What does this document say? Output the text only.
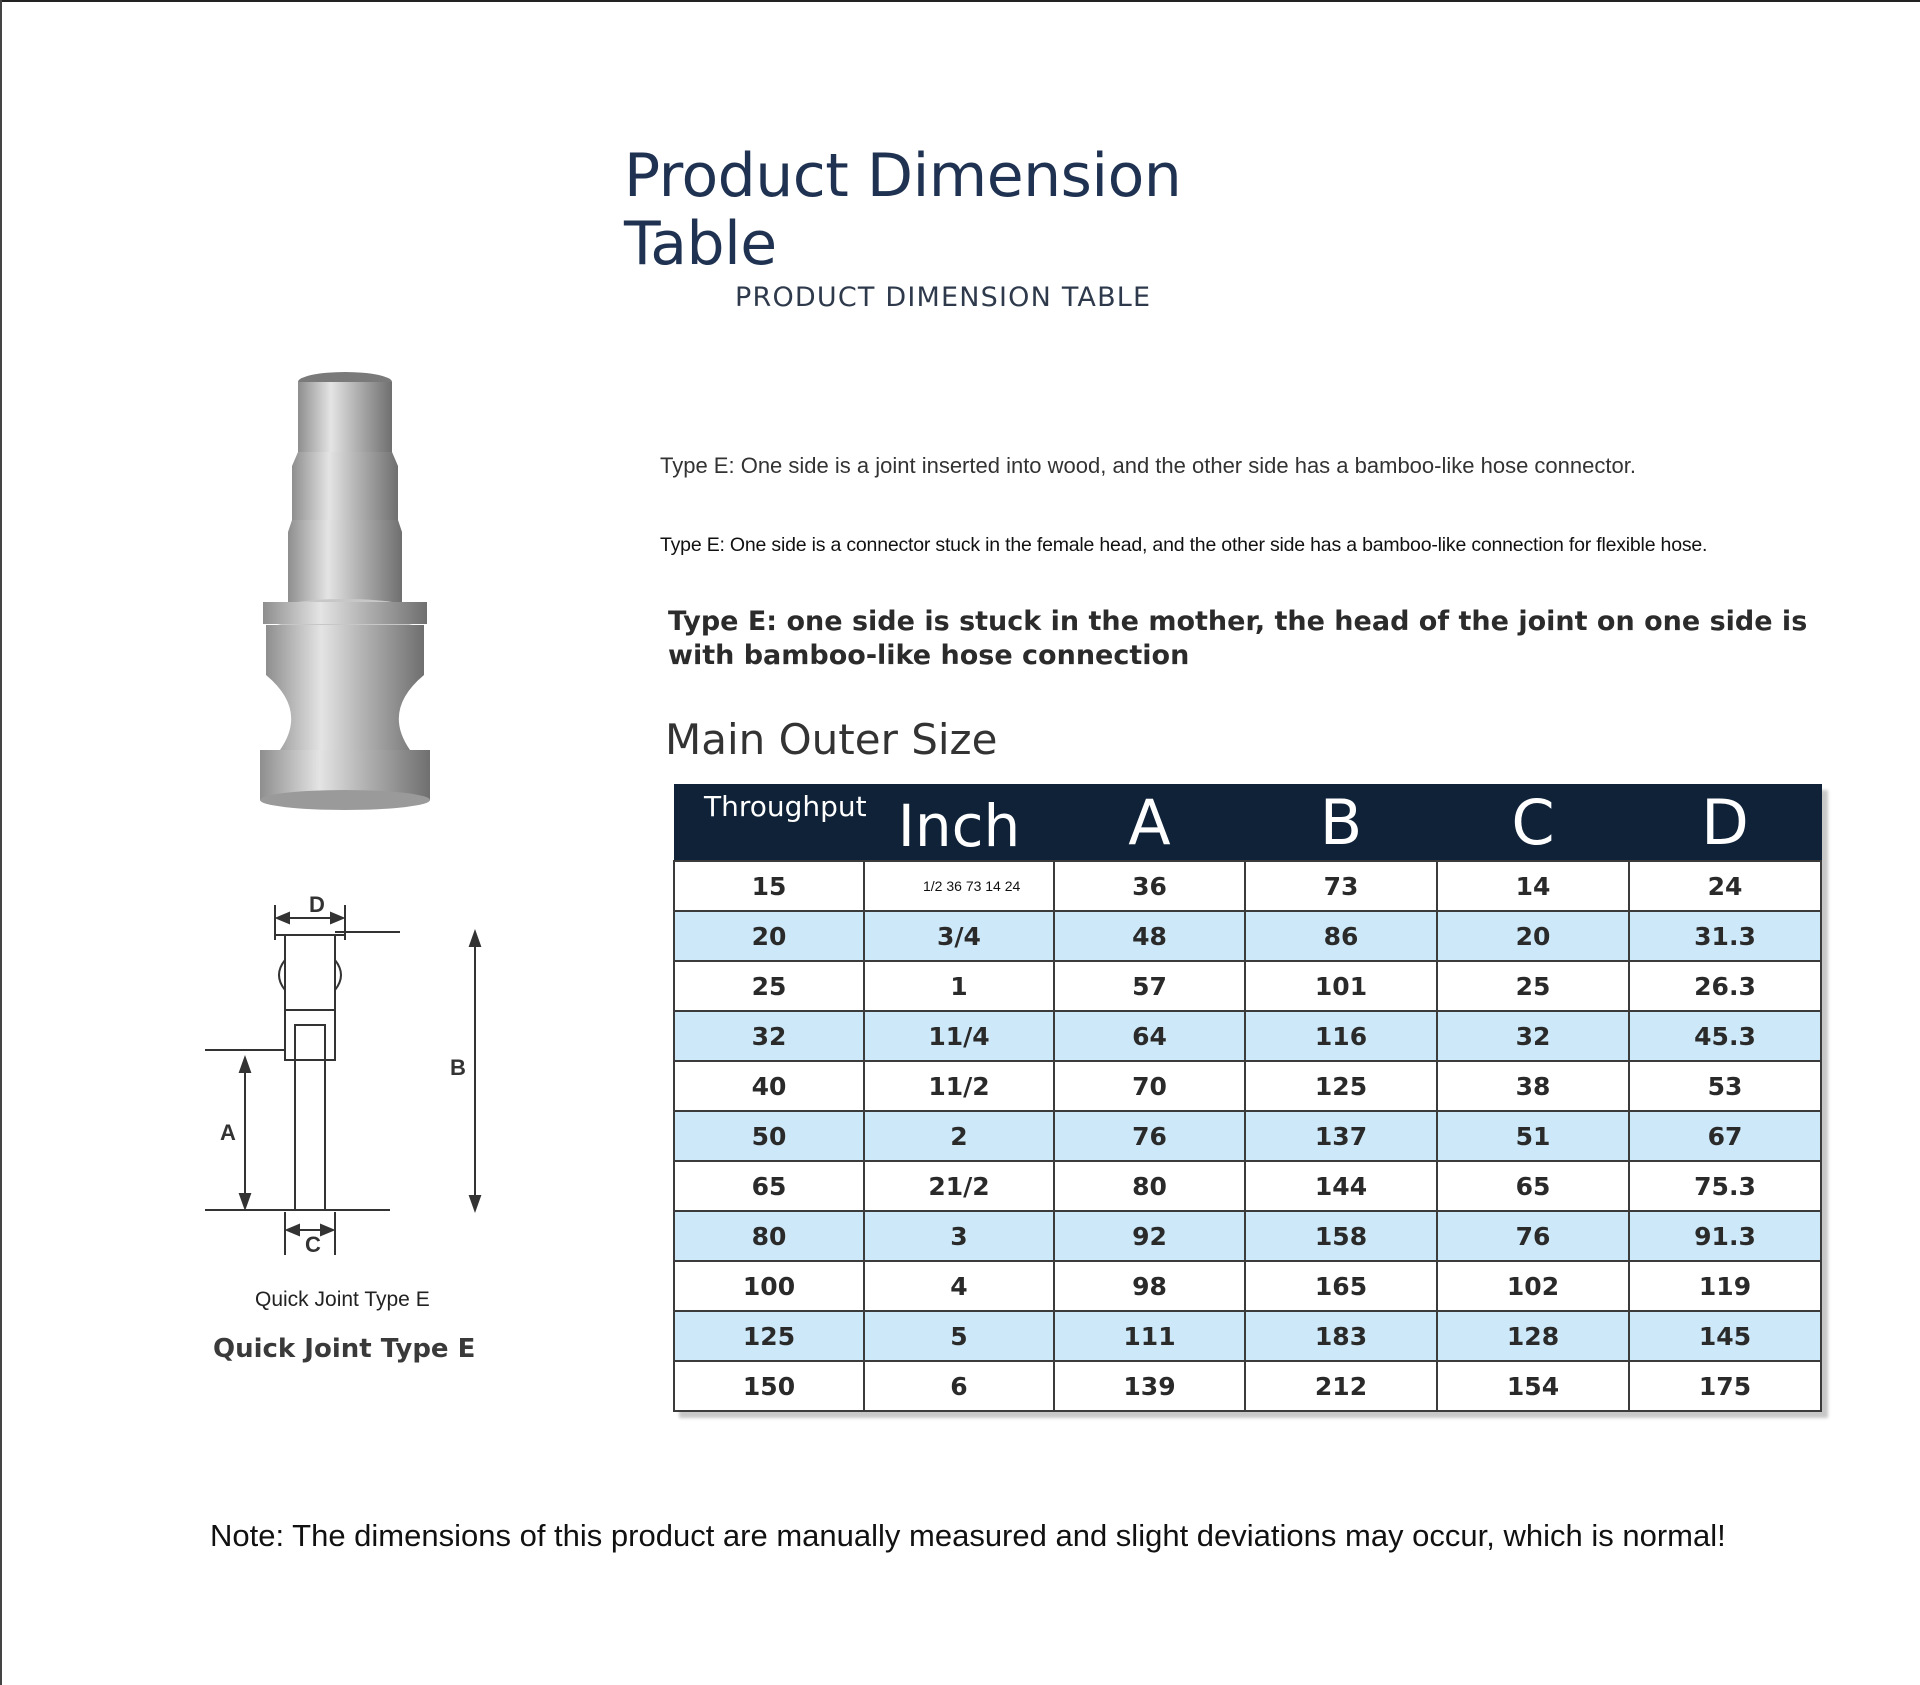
Product Dimension
Table
PRODUCT DIMENSION TABLE
Type E: One side is a joint inserted into wood, and the other side has a bamboo-like hose connector.
Type E: One side is a connector stuck in the female head, and the other side has a bamboo-like connection for flexible hose.
Type E: one side is stuck in the mother, the head of the joint on one side is with bamboo-like hose connection
Main Outer Size
D
B
A
C
Quick Joint Type E
Quick Joint Type E
Throughput	Inch	A	B	C	D
15	1/2 36 73 14 24	36	73	14	24
20	3/4	48	86	20	31.3
25	1	57	101	25	26.3
32	11/4	64	116	32	45.3
40	11/2	70	125	38	53
50	2	76	137	51	67
65	21/2	80	144	65	75.3
80	3	92	158	76	91.3
100	4	98	165	102	119
125	5	111	183	128	145
150	6	139	212	154	175
Note: The dimensions of this product are manually measured and slight deviations may occur, which is normal!
